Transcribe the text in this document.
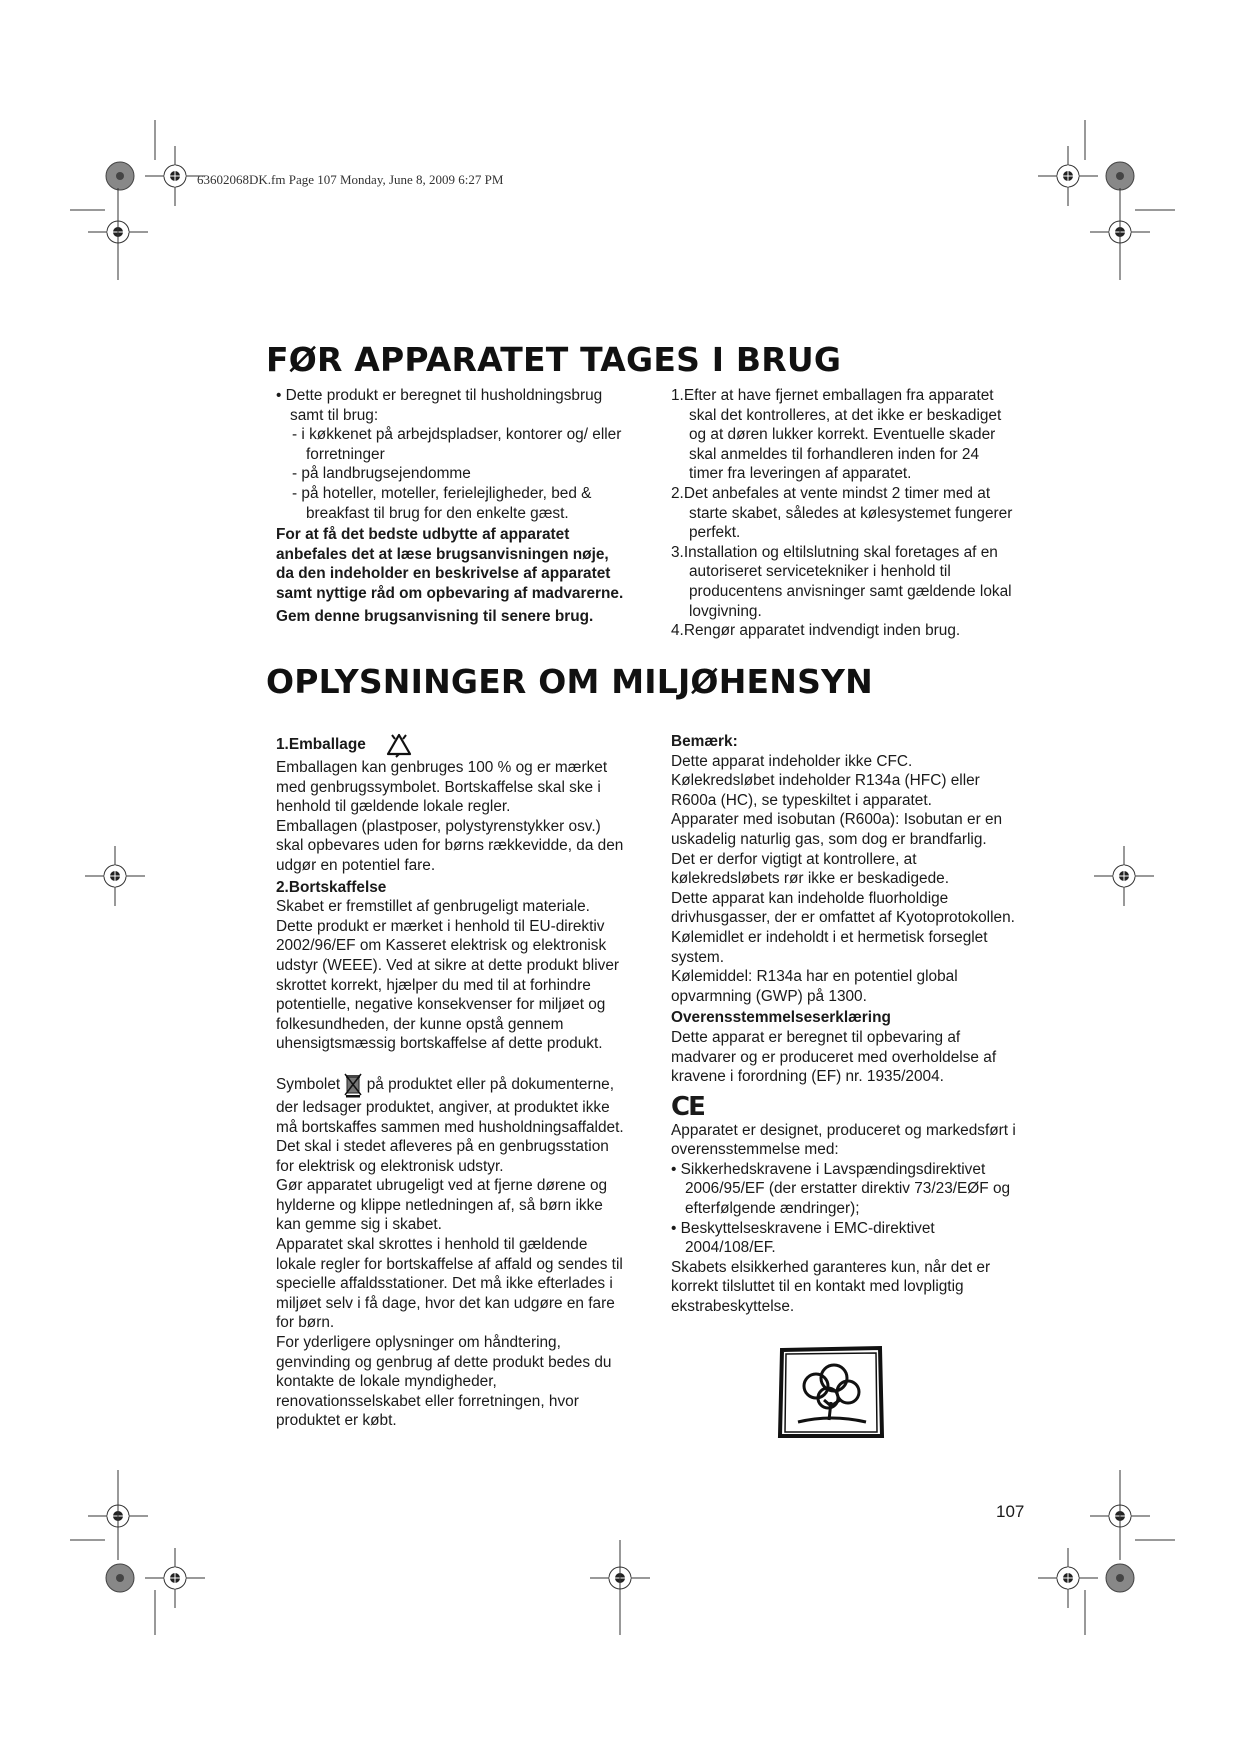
63602068DK.fm Page 107 Monday, June 8, 2009 6:27 PM
FØR APPARATET TAGES I BRUG

• Dette produkt er beregnet til husholdningsbrug samt til brug:

- i køkkenet på arbejdspladser, kontorer og/ eller forretninger

- på landbrugsejendomme

- på hoteller, moteller, ferielejligheder, bed & breakfast til brug for den enkelte gæst.

For at få det bedste udbytte af apparatet anbefales det at læse brugsanvisningen nøje, da den indeholder en beskrivelse af apparatet samt nyttige råd om opbevaring af madvarerne.

Gem denne brugsanvisning til senere brug.

1.Efter at have fjernet emballagen fra apparatet skal det kontrolleres, at det ikke er beskadiget og at døren lukker korrekt. Eventuelle skader skal anmeldes til forhandleren inden for 24 timer fra leveringen af apparatet.

2.Det anbefales at vente mindst 2 timer med at starte skabet, således at kølesystemet fungerer perfekt.

3.Installation og eltilslutning skal foretages af en autoriseret servicetekniker i henhold til producentens anvisninger samt gældende lokal lovgivning.

4.Rengør apparatet indvendigt inden brug.

OPLYSNINGER OM MILJØHENSYN

1.Emballage

Emballagen kan genbruges 100 % og er mærket med genbrugssymbolet. Bortskaffelse skal ske i henhold til gældende lokale regler.

Emballagen (plastposer, polystyrenstykker osv.) skal opbevares uden for børns rækkevidde, da den udgør en potentiel fare.

2.Bortskaffelse

Skabet er fremstillet af genbrugeligt materiale.

Dette produkt er mærket i henhold til EU-direktiv 2002/96/EF om Kasseret elektrisk og elektronisk udstyr (WEEE). Ved at sikre at dette produkt bliver skrottet korrekt, hjælper du med til at forhindre potentielle, negative konsekvenser for miljøet og folkesundheden, der kunne opstå gennem uhensigtsmæssig bortskaffelse af dette produkt.

Symbolet på produktet eller på dokumenterne, der ledsager produktet, angiver, at produktet ikke må bortskaffes sammen med husholdningsaffaldet. Det skal i stedet afleveres på en genbrugsstation for elektrisk og elektronisk udstyr.

Gør apparatet ubrugeligt ved at fjerne dørene og hylderne og klippe netledningen af, så børn ikke kan gemme sig i skabet.

Apparatet skal skrottes i henhold til gældende lokale regler for bortskaffelse af affald og sendes til specielle affaldsstationer. Det må ikke efterlades i miljøet selv i få dage, hvor det kan udgøre en fare for børn.

For yderligere oplysninger om håndtering, genvinding og genbrug af dette produkt bedes du kontakte de lokale myndigheder, renovationsselskabet eller forretningen, hvor produktet er købt.

Bemærk:

Dette apparat indeholder ikke CFC.

Kølekredsløbet indeholder R134a (HFC) eller R600a (HC), se typeskiltet i apparatet.

Apparater med isobutan (R600a): Isobutan er en uskadelig naturlig gas, som dog er brandfarlig.

Det er derfor vigtigt at kontrollere, at kølekredsløbets rør ikke er beskadigede.

Dette apparat kan indeholde fluorholdige drivhusgasser, der er omfattet af Kyotoprotokollen.

Kølemidlet er indeholdt i et hermetisk forseglet system.

Kølemiddel: R134a har en potentiel global opvarmning (GWP) på 1300.

Overensstemmelseserklæring

Dette apparat er beregnet til opbevaring af madvarer og er produceret med overholdelse af kravene i forordning (EF) nr. 1935/2004.

CE

Apparatet er designet, produceret og markedsført i overensstemmelse med:

• Sikkerhedskravene i Lavspændingsdirektivet 2006/95/EF (der erstatter direktiv 73/23/EØF og efterfølgende ændringer);

• Beskyttelseskravene i EMC-direktivet 2004/108/EF.

Skabets elsikkerhed garanteres kun, når det er korrekt tilsluttet til en kontakt med lovpligtig ekstrabeskyttelse.

107
